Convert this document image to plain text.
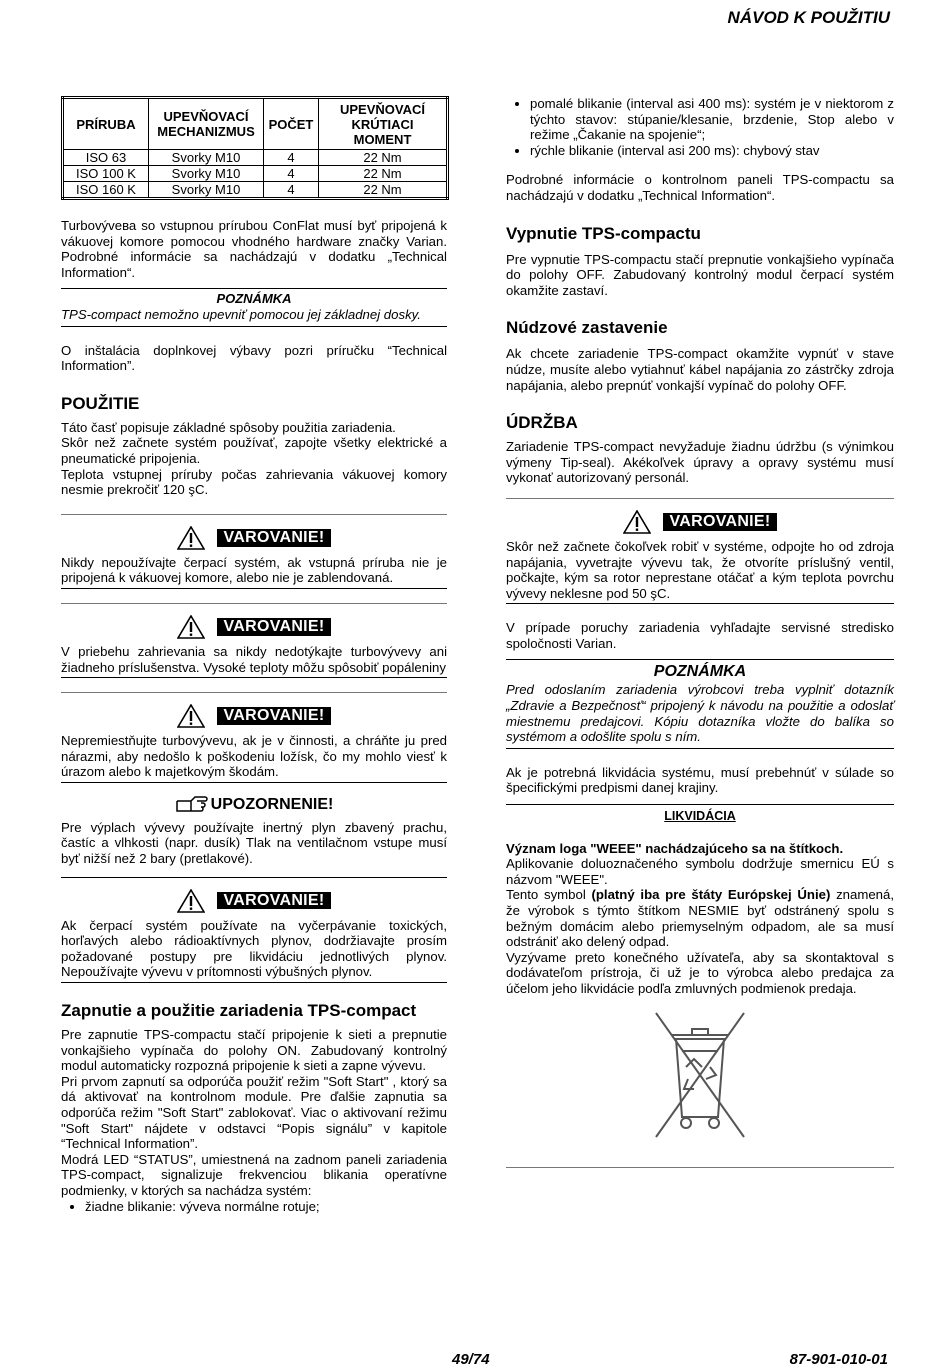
NÁVOD K POUŽITIU
PRÍRUBA	UPEVŇOVACÍ MECHANIZMUS	POČET	UPEVŇOVACÍ KRÚTIACI MOMENT
ISO 63	Svorky M10	4	22 Nm
ISO 100 K	Svorky M10	4	22 Nm
ISO 160 K	Svorky M10	4	22 Nm

Turbovývева so vstupnou prírubou ConFlat musí byť pripojená k vákuovej komore pomocou vhodného hardware značky Varian. Podrobné informácie sa nachádzajú v dodatku „Technical Information“.

POZNÁMKA

TPS-compact nemožno upevniť pomocou jej základnej dosky.

O inštalácia doplnkovej výbavy pozri príručku “Technical Information”.

POUŽITIE

Táto časť popisuje základné spôsoby použitia zariadenia.

Skôr než začnete systém používať, zapojte všetky elektrické a pneumatické pripojenia.

Teplota vstupnej príruby počas zahrievania vákuovej komory nesmie prekročiť 120 şC.

VAROVANIE!

Nikdy nepoužívajte čerpací systém, ak vstupná príruba nie je pripojená k vákuovej komore, alebo nie je zablendovaná.

VAROVANIE!

V priebehu zahrievania sa nikdy nedotýkajte turbovývevy ani žiadneho príslušenstva. Vysoké teploty môžu spôsobiť popáleniny

VAROVANIE!

Nepremiestňujte turbovývevu, ak je v činnosti, a chráňte ju pred nárazmi, aby nedošlo k poškodeniu ložísk, čo my mohlo viesť k úrazom alebo k majetkovým škodám.

UPOZORNENIE!

Pre výplach vývevy používajte inertný plyn zbavený prachu, častíc a vlhkosti (napr. dusík) Tlak na ventilačnom vstupe musí byť nižší než 2 bary (pretlakové).

VAROVANIE!

Ak čerpací systém používate na vyčerpávanie toxických, horľavých alebo rádioaktívnych plynov, dodržiavajte prosím požadované postupy pre likvidáciu jednotlivých plynov. Nepoužívajte vývevu v prítomnosti výbušných plynov.

Zapnutie a použitie zariadenia TPS-compact

Pre zapnutie TPS-compactu stačí pripojenie k sieti a prepnutie vonkajšieho vypínača do polohy ON. Zabudovaný kontrolný modul automaticky rozpozná pripojenie k sieti a zapne vývevu.

Pri prvom zapnutí sa odporúča použiť režim "Soft Start" , ktorý sa dá aktivovať na kontrolnom module. Pre ďalšie zapnutia sa odporúča režim "Soft Start" zablokovať. Viac o aktivovaní režimu "Soft Start" nájdete v odstavci “Popis signálu” v kapitole “Technical Information”.

Modrá LED “STATUS”, umiestnená na zadnom paneli zariadenia TPS-compact, signalizuje frekvenciou blikania operatívne podmienky, v ktorých sa nachádza systém:

• žiadne blikanie: výveva normálne rotuje;
• pomalé blikanie (interval asi 400 ms): systém je v niektorom z týchto stavov: stúpanie/klesanie, brzdenie, Stop alebo v režime „Čakanie na spojenie“;
• rýchle blikanie (interval asi 200 ms): chybový stav

Podrobné informácie o kontrolnom paneli TPS-compactu sa nachádzajú v dodatku „Technical Information“.

Vypnutie TPS-compactu

Pre vypnutie TPS-compactu stačí prepnutie vonkajšieho vypínača do polohy OFF. Zabudovaný kontrolný modul čerpací systém okamžite zastaví.

Núdzové zastavenie

Ak chcete zariadenie TPS-compact okamžite vypnúť v stave núdze, musíte alebo vytiahnuť kábel napájania zo zástrčky zdroja napájania, alebo prepnúť vonkajší vypínač do polohy OFF.

ÚDRŽBA

Zariadenie TPS-compact nevyžaduje žiadnu údržbu (s výnimkou výmeny Tip-seal). Akékoľvek úpravy a opravy systému musí vykonať autorizovaný personál.

VAROVANIE!

Skôr než začnete čokoľvek robiť v systéme, odpojte ho od zdroja napájania, vyvetrajte vývevu tak, že otvoríte príslušný ventil, počkajte, kým sa rotor neprestane otáčať a kým teplota povrchu vývevy neklesne pod 50 şC.

V prípade poruchy zariadenia vyhľadajte servisné stredisko spoločnosti Varian.

POZNÁMKA

Pred odoslaním zariadenia výrobcovi treba vyplniť dotazník „Zdravie a Bezpečnosť“ pripojený k návodu na použitie a odoslať miestnemu predajcovi. Kópiu dotazníka vložte do balíka so systémom a odošlite spolu s ním.

Ak je potrebná likvidácia systému, musí prebehnúť v súlade so špecifickými predpismi danej krajiny.

LIKVIDÁCIA

Význam loga "WEEE" nachádzajúceho sa na štítkoch.

Aplikovanie doluoznačeného symbolu dodržuje smernicu EÚ s názvom "WEEE".

Tento symbol (platný iba pre štáty Európskej Únie) znamená, že výrobok s týmto štítkom NESMIE byť odstránený spolu s bežným domácim alebo priemyselným odpadom, ale sa musí odstrániť ako delený odpad.

Vyzývame preto konečného užívateľa, aby sa skontaktoval s dodávateľom prístroja, či už je to výrobca alebo predajca za účelom jeho likvidácie podľa zmluvných podmienok predaja.

49/74	87-901-010-01
